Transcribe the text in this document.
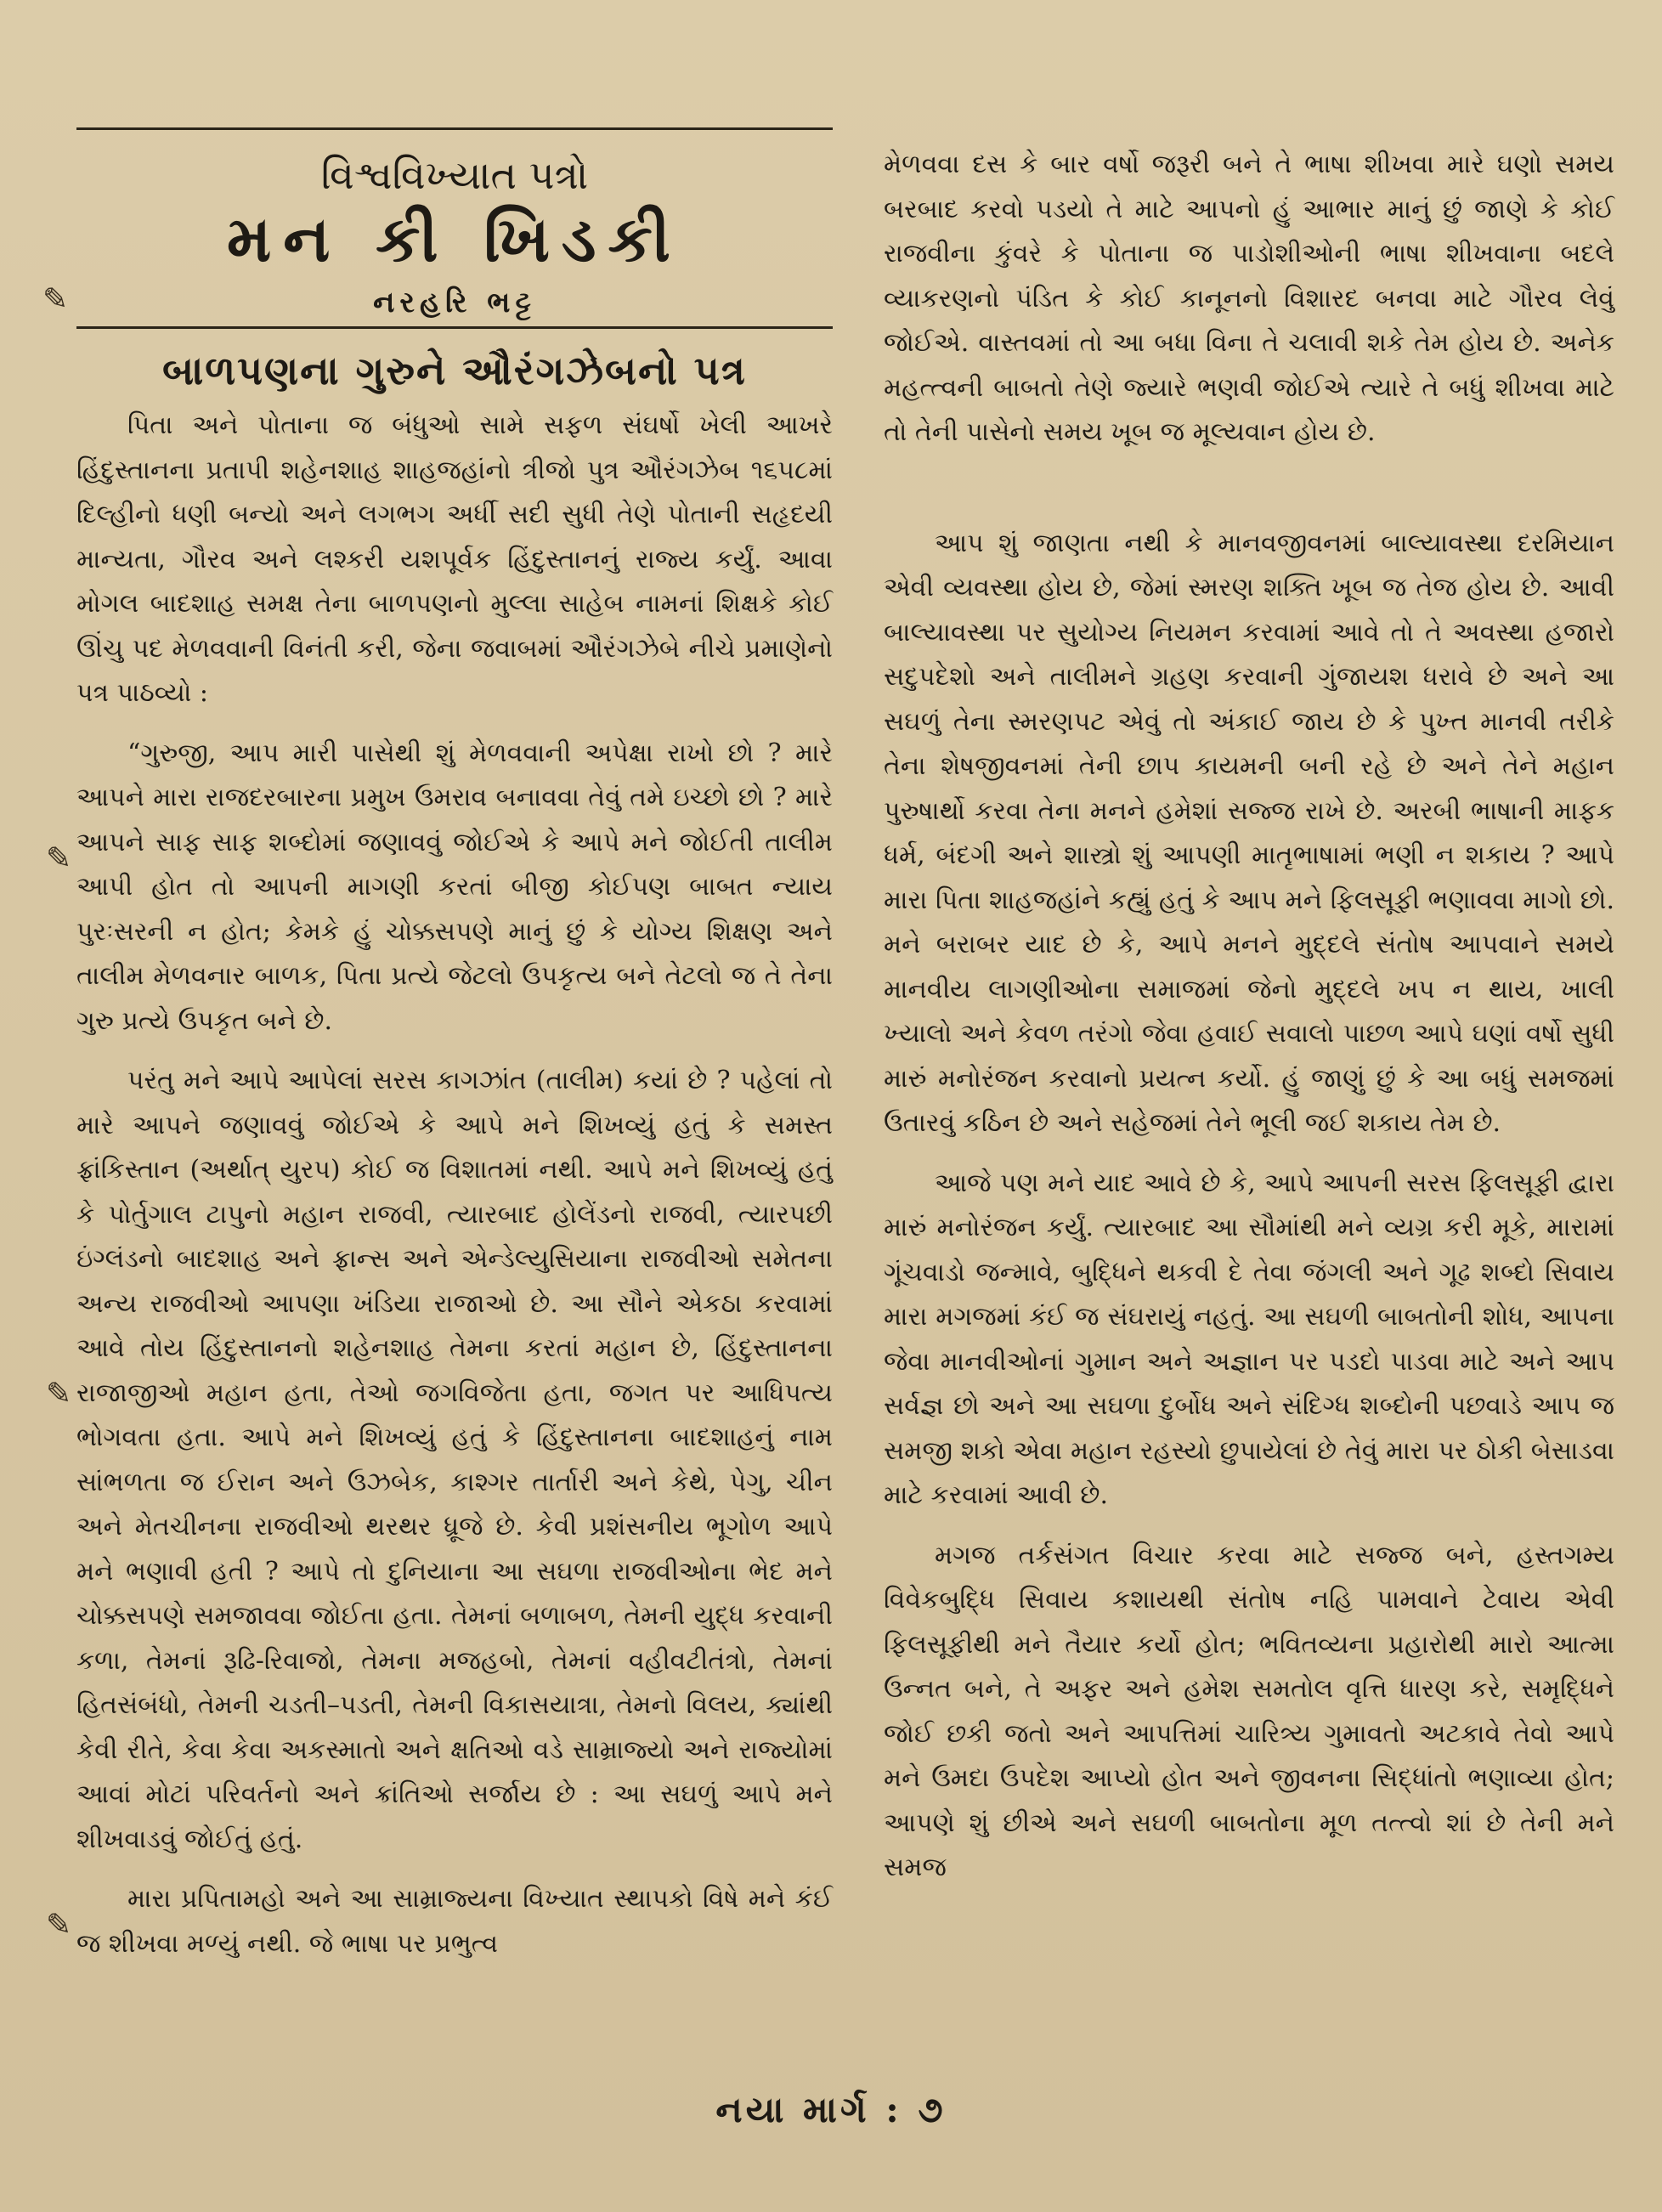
✎
✎
✎
✎
વિશ્વવિખ્યાત પત્રો
મન કી ખિડકી
નરહરિ ભટ્ટ
બાળપણના ગુરુને ઔરંગઝેબનો પત્ર

પિતા અને પોતાના જ બંધુઓ સામે સફળ સંઘર્ષો ખેલી આખરે હિંદુસ્તાનના પ્રતાપી શહેનશાહ શાહજહાંનો ત્રીજો પુત્ર ઔરંગઝેબ ૧૬૫૮માં દિલ્હીનો ધણી બન્યો અને લગભગ અર્ધી સદી સુધી તેણે પોતાની સહૃદયી માન્યતા, ગૌરવ અને લશ્કરી યશપૂર્વક હિંદુસ્તાનનું રાજ્ય કર્યું. આવા મોગલ બાદશાહ સમક્ષ તેના બાળપણનો મુલ્લા સાહેબ નામનાં શિક્ષકે કોઈ ઊંચુ પદ મેળવવાની વિનંતી કરી, જેના જવાબમાં ઔરંગઝેબે નીચે પ્રમાણેનો પત્ર પાઠવ્યો :

“ગુરુજી, આપ મારી પાસેથી શું મેળવવાની અપેક્ષા રાખો છો ? મારે આપને મારા રાજદરબારના પ્રમુખ ઉમરાવ બનાવવા તેવું તમે ઇચ્છો છો ? મારે આપને સાફ સાફ શબ્દોમાં જણાવવું જોઈએ કે આપે મને જોઈતી તાલીમ આપી હોત તો આપની માગણી કરતાં બીજી કોઈપણ બાબત ન્યાય પુરઃસરની ન હોત; કેમકે હું ચોક્કસપણે માનું છું કે યોગ્ય શિક્ષણ અને તાલીમ મેળવનાર બાળક, પિતા પ્રત્યે જેટલો ઉપકૃત્ય બને તેટલો જ તે તેના ગુરુ પ્રત્યે ઉપકૃત બને છે.

પરંતુ મને આપે આપેલાં સરસ કાગઝાંત (તાલીમ) કયાં છે ? પહેલાં તો મારે આપને જણાવવું જોઈએ કે આપે મને શિખવ્યું હતું કે સમસ્ત ફ્રાંકિસ્તાન (અર્થાત્ યુરપ) કોઈ જ વિશાતમાં નથી. આપે મને શિખવ્યું હતું કે પોર્તુગાલ ટાપુનો મહાન રાજવી, ત્યારબાદ હોલેંડનો રાજવી, ત્યારપછી ઇંગ્લંડનો બાદશાહ અને ફ્રાન્સ અને એન્ડેલ્યુસિયાના રાજવીઓ સમેતના અન્ય રાજવીઓ આપણા ખંડિયા રાજાઓ છે. આ સૌને એકઠા કરવામાં આવે તોય હિંદુસ્તાનનો શહેનશાહ તેમના કરતાં મહાન છે, હિંદુસ્તાનના રાજાજીઓ મહાન હતા, તેઓ જગવિજેતા હતા, જગત પર આધિપત્ય ભોગવતા હતા. આપે મને શિખવ્યું હતું કે હિંદુસ્તાનના બાદશાહનું નામ સાંભળતા જ ઈરાન અને ઉઝબેક, કાશ્ગર તાર્તારી અને કેથે, પેગુ, ચીન અને મેતચીનના રાજવીઓ થરથર ધ્રૂજે છે. કેવી પ્રશંસનીય ભૂગોળ આપે મને ભણાવી હતી ? આપે તો દુનિયાના આ સઘળા રાજવીઓના ભેદ મને ચોક્કસપણે સમજાવવા જોઈતા હતા. તેમનાં બળાબળ, તેમની યુદ્ધ કરવાની કળા, તેમનાં રૂઢિ-રિવાજો, તેમના મજહબો, તેમનાં વહીવટીતંત્રો, તેમનાં હિતસંબંધો, તેમની ચડતી–પડતી, તેમની વિકાસયાત્રા, તેમનો વિલય, ક્યાંથી કેવી રીતે, કેવા કેવા અકસ્માતો અને ક્ષતિઓ વડે સામ્રાજ્યો અને રાજ્યોમાં આવાં મોટાં પરિવર્તનો અને ક્રાંતિઓ સર્જાય છે : આ સઘળું આપે મને શીખવાડવું જોઈતું હતું.

મારા પ્રપિતામહો અને આ સામ્રાજ્યના વિખ્યાત સ્થાપકો વિષે મને કંઈ જ શીખવા મળ્યું નથી. જે ભાષા પર પ્રભુત્વ

મેળવવા દસ કે બાર વર્ષો જરૂરી બને તે ભાષા શીખવા મારે ઘણો સમય બરબાદ કરવો પડયો તે માટે આપનો હું આભાર માનું છું જાણે કે કોઈ રાજવીના કુંવરે કે પોતાના જ પાડોશીઓની ભાષા શીખવાના બદલે વ્યાકરણનો પંડિત કે કોઈ કાનૂનનો વિશારદ બનવા માટે ગૌરવ લેવું જોઈએ. વાસ્તવમાં તો આ બધા વિના તે ચલાવી શકે તેમ હોય છે. અનેક મહત્ત્વની બાબતો તેણે જ્યારે ભણવી જોઈએ ત્યારે તે બધું શીખવા માટે તો તેની પાસેનો સમય ખૂબ જ મૂલ્યવાન હોય છે.

આપ શું જાણતા નથી કે માનવજીવનમાં બાલ્યાવસ્થા દરમિયાન એવી વ્યવસ્થા હોય છે, જેમાં સ્મરણ શક્તિ ખૂબ જ તેજ હોય છે. આવી બાલ્યાવસ્થા પર સુયોગ્ય નિયમન કરવામાં આવે તો તે અવસ્થા હજારો સદુપદેશો અને તાલીમને ગ્રહણ કરવાની ગુંજાયશ ધરાવે છે અને આ સઘળું તેના સ્મરણપટ એવું તો અંકાઈ જાય છે કે પુખ્ત માનવી તરીકે તેના શેષજીવનમાં તેની છાપ કાયમની બની રહે છે અને તેને મહાન પુરુષાર્થો કરવા તેના મનને હમેશાં સજ્જ રાખે છે. અરબી ભાષાની માફક ધર્મ, બંદગી અને શાસ્ત્રો શું આપણી માતૃભાષામાં ભણી ન શકાય ? આપે મારા પિતા શાહજહાંને કહ્યું હતું કે આપ મને ફિલસૂફી ભણાવવા માગો છો. મને બરાબર યાદ છે કે, આપે મનને મુદ્દલે સંતોષ આપવાને સમયે માનવીય લાગણીઓના સમાજમાં જેનો મુદ્દલે ખપ ન થાય, ખાલી ખ્યાલો અને કેવળ તરંગો જેવા હવાઈ સવાલો પાછળ આપે ઘણાં વર્ષો સુધી મારું મનોરંજન કરવાનો પ્રયત્ન કર્યો. હું જાણું છું કે આ બધું સમજમાં ઉતારવું કઠિન છે અને સહેજમાં તેને ભૂલી જઈ શકાય તેમ છે.

આજે પણ મને યાદ આવે છે કે, આપે આપની સરસ ફિલસૂફી દ્વારા મારું મનોરંજન કર્યું. ત્યારબાદ આ સૌમાંથી મને વ્યગ્ર કરી મૂકે, મારામાં ગૂંચવાડો જન્માવે, બુદ્ધિને થકવી દે તેવા જંગલી અને ગૂઢ શબ્દો સિવાય મારા મગજમાં કંઈ જ સંઘરાયું નહતું. આ સઘળી બાબતોની શોધ, આપના જેવા માનવીઓનાં ગુમાન અને અજ્ઞાન પર પડદો પાડવા માટે અને આપ સર્વજ્ઞ છો અને આ સઘળા દુર્બોધ અને સંદિગ્ધ શબ્દોની પછવાડે આપ જ સમજી શકો એવા મહાન રહસ્યો છુપાયેલાં છે તેવું મારા પર ઠોકી બેસાડવા માટે કરવામાં આવી છે.

મગજ તર્કસંગત વિચાર કરવા માટે સજ્જ બને, હસ્તગમ્ય વિવેકબુદ્ધિ સિવાય કશાયથી સંતોષ નહિ પામવાને ટેવાય એવી ફિલસૂફીથી મને તૈયાર કર્યો હોત; ભવિતવ્યના પ્રહારોથી મારો આત્મા ઉન્નત બને, તે અફર અને હમેશ સમતોલ વૃત્તિ ધારણ કરે, સમૃદ્ધિને જોઈ છકી જતો અને આપત્તિમાં ચારિત્ર્ય ગુમાવતો અટકાવે તેવો આપે મને ઉમદા ઉપદેશ આપ્યો હોત અને જીવનના સિદ્ધાંતો ભણાવ્યા હોત; આપણે શું છીએ અને સઘળી બાબતોના મૂળ તત્ત્વો શાં છે તેની મને સમજ

નયા માર્ગ : ૭
